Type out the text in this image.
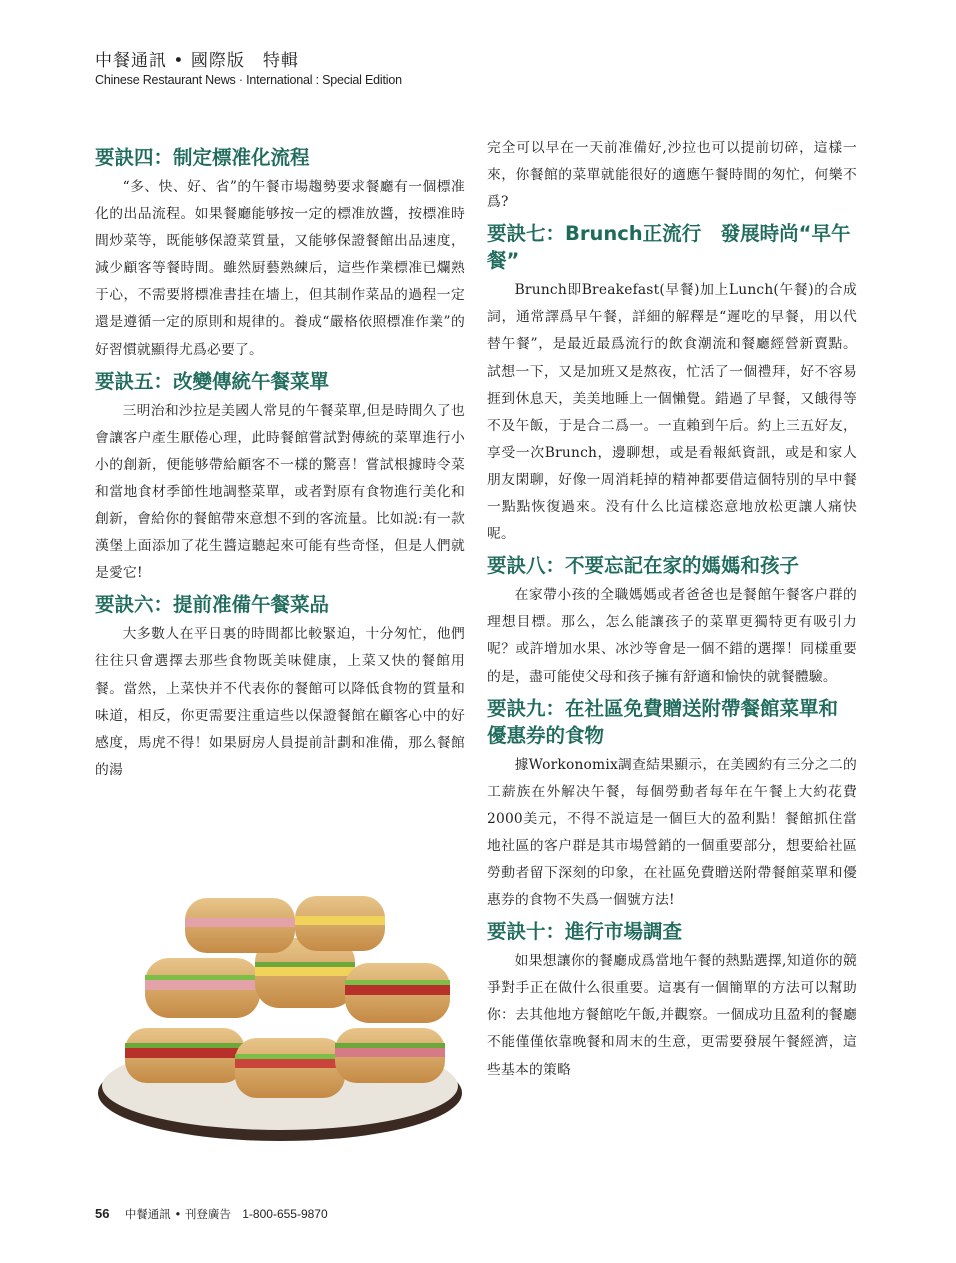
中餐通訊 • 國際版　特輯
Chinese Restaurant News · International : Special Edition
要訣四：制定標准化流程

“多、快、好、省”的午餐市場趨勢要求餐廳有一個標准化的出品流程。如果餐廳能够按一定的標准放醬，按標准時間炒菜等，既能够保證菜質量，又能够保證餐館出品速度，減少顧客等餐時間。雖然厨藝熟練后，這些作業標准已爛熟于心，不需要將標准書挂在墻上，但其制作菜品的過程一定還是遵循一定的原則和規律的。養成“嚴格依照標准作業”的好習慣就顯得尤爲必要了。

要訣五：改變傳統午餐菜單

三明治和沙拉是美國人常見的午餐菜單,但是時間久了也會讓客户產生厭倦心理，此時餐館嘗試對傳統的菜單進行小小的創新，便能够帶給顧客不一樣的驚喜！嘗試根據時令菜和當地食材季節性地調整菜單，或者對原有食物進行美化和創新，會給你的餐館帶來意想不到的客流量。比如説:有一款漢堡上面添加了花生醬這聽起來可能有些奇怪，但是人們就是愛它!

要訣六：提前准備午餐菜品

大多數人在平日裏的時間都比較緊迫，十分匆忙，他們往往只會選擇去那些食物既美味健康，上菜又快的餐館用餐。當然，上菜快并不代表你的餐館可以降低食物的質量和味道，相反，你更需要注重這些以保證餐館在顧客心中的好感度，馬虎不得！如果厨房人員提前計劃和准備，那么餐館的湯

完全可以早在一天前准備好,沙拉也可以提前切碎，這樣一來，你餐館的菜單就能很好的適應午餐時間的匆忙，何樂不爲?

要訣七：Brunch正流行　發展時尚“早午餐”

Brunch即Breakefast(早餐)加上Lunch(午餐)的合成詞，通常譯爲早午餐，詳細的解釋是“遲吃的早餐，用以代替午餐”，是最近最爲流行的飲食潮流和餐廳經營新賣點。試想一下，又是加班又是熬夜，忙活了一個禮拜，好不容易捱到休息天，美美地睡上一個懶覺。錯過了早餐，又餓得等不及午飯，于是合二爲一。一直賴到午后。約上三五好友，享受一次Brunch，邊聊想，或是看報紙資訊，或是和家人朋友閑聊，好像一周消耗掉的精神都要借這個特別的早中餐一點點恢復過來。没有什么比這樣恣意地放松更讓人痛快呢。

要訣八：不要忘記在家的媽媽和孩子

在家帶小孩的全職媽媽或者爸爸也是餐館午餐客户群的理想目標。那么，怎么能讓孩子的菜單更獨特更有吸引力呢？或許增加水果、冰沙等會是一個不錯的選擇！同樣重要的是，盡可能使父母和孩子擁有舒適和愉快的就餐體驗。

要訣九：在社區免費贈送附帶餐館菜單和優惠券的食物

據Workonomix調查結果顯示，在美國約有三分之二的工薪族在外解决午餐，每個勞動者每年在午餐上大約花費2000美元，不得不説這是一個巨大的盈利點！餐館抓住當地社區的客户群是其市場營銷的一個重要部分，想要給社區勞動者留下深刻的印象，在社區免費贈送附帶餐館菜單和優惠券的食物不失爲一個號方法!

要訣十：進行市場調查

如果想讓你的餐廳成爲當地午餐的熱點選擇,知道你的競爭對手正在做什么很重要。這裏有一個簡單的方法可以幫助你：去其他地方餐館吃午飯,并觀察。一個成功且盈利的餐廳不能僅僅依靠晚餐和周末的生意，更需要發展午餐經濟，這些基本的策略

56 中餐通訊 • 刊登廣告 1-800-655-9870
